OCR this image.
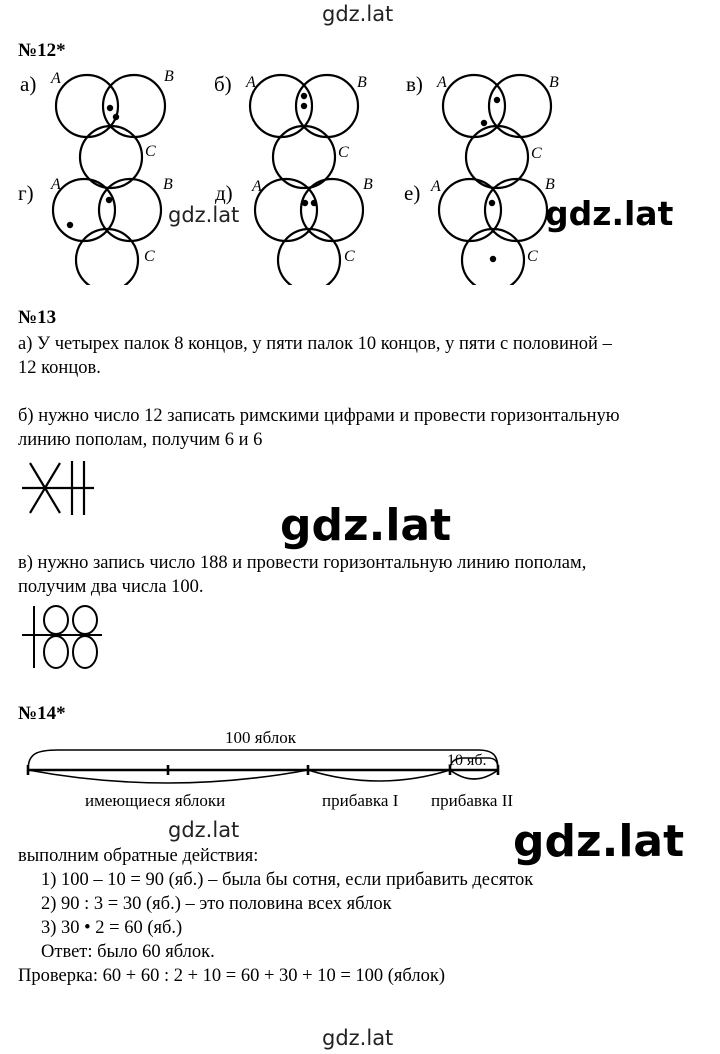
gdz.lat
№12*
а) A	B
C
б) A	B
C
в) A	B
C
г) A	B
C
д) A	B
C
е) A	B
C
gdz.lat	gdz.lat
№13
а) У четырех палок 8 концов, у пяти палок 10 концов, у пяти с половиной –
12 концов.
б) нужно число 12 записать римскими цифрами и провести горизонтальную
линию пополам, получим 6 и 6
gdz.lat
в) нужно запись число 188 и провести горизонтальную линию пополам,
получим два числа 100.
№14*
100 яблок
10 яб.
имеющиеся яблоки	прибавка I прибавка II
gdz.lat	gdz.lat
выполним обратные действия:
1) 100 – 10 = 90 (яб.) – была бы сотня, если прибавить десяток
2) 90 : 3 = 30 (яб.) – это половина всех яблок
3) 30 • 2 = 60 (яб.)
Ответ: было 60 яблок.
Проверка: 60 + 60 : 2 + 10 = 60 + 30 + 10 = 100 (яблок)
gdz.lat
